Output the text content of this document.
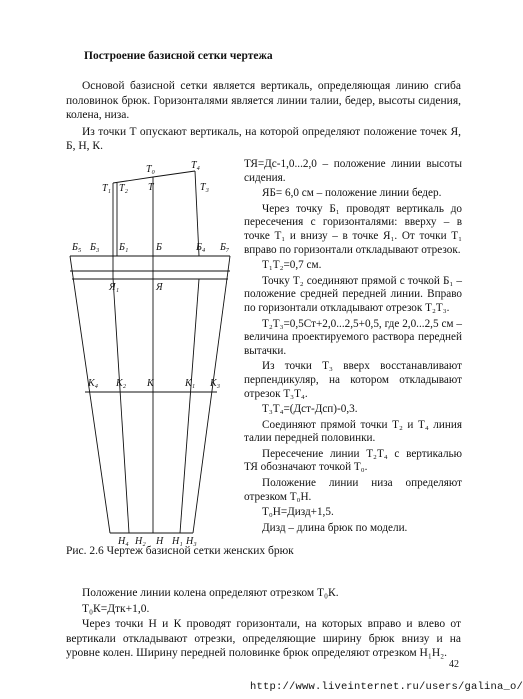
Построение базисной сетки чертежа

Основой базисной сетки является вертикаль, определяющая линию сгиба половинок брюк. Горизонталями является линии талии, бедер, высоты сидения, колена, низа.

Из точки Т опускают вертикаль, на которой определяют положение точек Я, Б, Н, К.

Т₀	Т₄
Т₁ Т₂ Т	Т₃
Б₅ Б₃ Б₁	Б	Б₄ Б₇
Я₁	Я
К₄ К₂ К	К₁ К₃
Н₄ Н₂ Н Н₁ Н₃

ТЯ=Дс-1,0...2,0 – положение линии высоты сидения.

ЯБ= 6,0 см – положение линии бедер.

Через точку Б₁ проводят вертикаль до пересечения с горизонталями: вверху – в точке Т₁ и внизу – в точке Я₁. От точки Т₁ вправо по горизонтали откладывают отрезок.

Т₁Т₂=0,7 см.

Точку Т₂ соединяют прямой с точкой Б₁ – положение средней передней линии. Вправо по горизонтали откладывают отрезок Т₂Т₃.

Т₂Т₃=0,5Ст+2,0...2,5+0,5, где 2,0...2,5 см – величина проектируемого раствора передней вытачки.

Из точки Т₃ вверх восстанавливают перпендикуляр, на котором откладывают отрезок Т₃Т₄.

Т₃Т₄=(Дст-Дсп)-0,3.

Соединяют прямой точки Т₂ и Т₄ линия талии передней половинки.

Пересечение линии Т₂Т₄ с вертикалью ТЯ обозначают точкой Т₀.

Положение линии низа определяют отрезком Т₀Н.

Т₀Н=Дизд+1,5.

Дизд – длина брюк по модели.

Рис. 2.6 Чертеж базисной сетки женских брюк

Положение линии колена определяют отрезком Т₀К.

Т₀К=Дтк+1,0.

Через точки Н и К проводят горизонтали, на которых вправо и влево от вертикали откладывают отрезки, определяющие ширину брюк внизу и на уровне колен. Ширину передней половинке брюк определяют отрезком Н₁Н₂.

42
http://www.liveinternet.ru/users/galina_o/
